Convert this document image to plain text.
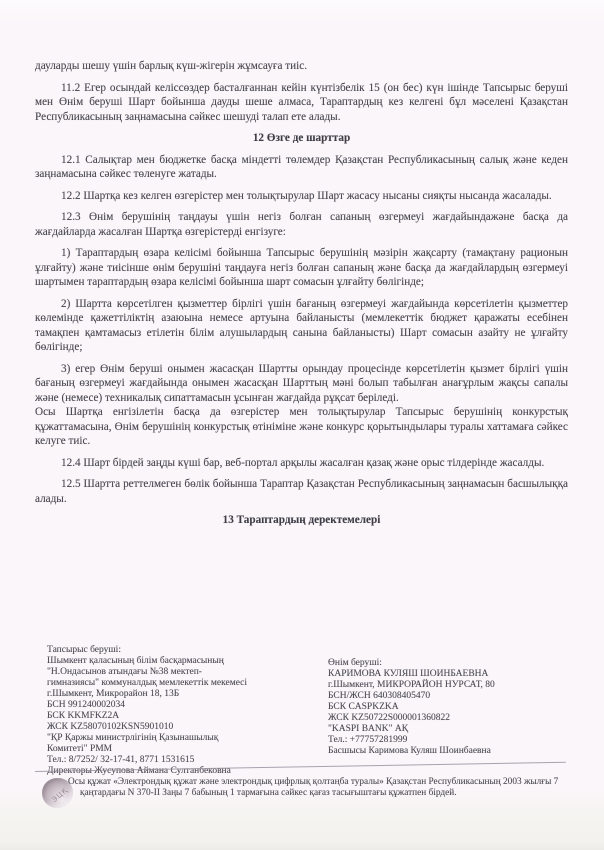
дауларды шешу үшін барлық күш-жігерін жұмсауға тиіс.

11.2 Егер осындай келіссөздер басталғаннан кейін күнтізбелік 15 (он бес) күн ішінде Тапсырыс беруші мен Өнім беруші Шарт бойынша дауды шеше алмаса, Тараптардың кез келгені бұл мәселені Қазақстан Республикасының заңнамасына сәйкес шешуді талап ете алады.

12 Өзге де шарттар

12.1 Салықтар мен бюджетке басқа міндетті төлемдер Қазақстан Республикасының салық және кеден заңнамасына сәйкес төленуге жатады.

12.2 Шартқа кез келген өзгерістер мен толықтырулар Шарт жасасу нысаны сияқты нысанда жасалады.

12.3 Өнім берушінің таңдауы үшін негіз болған сапаның өзгермеуі жағдайындажәне басқа да жағдайларда жасалған Шартқа өзгерістерді енгізуге:

1) Тараптардың өзара келісімі бойынша Тапсырыс берушінің мәзірін жақсарту (тамақтану рационын ұлғайту) және тиісінше өнім берушіні таңдауға негіз болған сапаның және басқа да жағдайлардың өзгермеуі шартымен тараптардың өзара келісімі бойынша шарт сомасын ұлғайту бөлігінде;

2) Шартта көрсетілген қызметтер бірлігі үшін бағаның өзгермеуі жағдайында көрсетілетін қызметтер көлемінде қажеттіліктің азаюына немесе артуына байланысты (мемлекеттік бюджет қаражаты есебінен тамақпен қамтамасыз етілетін білім алушылардың санына байланысты) Шарт сомасын азайту не ұлғайту бөлігінде;

3) егер Өнім беруші онымен жасасқан Шартты орындау процесінде көрсетілетін қызмет бірлігі үшін бағаның өзгермеуі жағдайында онымен жасасқан Шарттың мәні болып табылған анағұрлым жақсы сапалы және (немесе) техникалық сипаттамасын ұсынған жағдайда рұқсат беріледі.

Осы Шартқа енгізілетін басқа да өзгерістер мен толықтырулар Тапсырыс берушінің конкурстық құжаттамасына, Өнім берушінің конкурстық өтініміне және конкурс қорытындылары туралы хаттамаға сәйкес келуге тиіс.

12.4 Шарт бірдей заңды күші бар, веб-портал арқылы жасалған қазақ және орыс тілдерінде жасалды.

12.5 Шартта реттелмеген бөлік бойынша Тараптар Қазақстан Республикасының заңнамасын басшылыққа алады.

13 Тараптардың деректемелері

Тапсырыс беруші:
Шымкент қаласының білім басқармасының
"Н.Ондасынов атындағы №38 мектеп-
гимназиясы" коммуналдық мемлекеттік мекемесі
г.Шымкент, Микрорайон 18, 13Б
БСН 991240002034
БСК KKMFKZ2A
ЖСК KZ58070102KSN5901010
"ҚР Қаржы министрлігінің Қазынашылық
Комитеті" РММ
Тел.: 8/7252/ 32-17-41, 8771 1531615
Директоры Жусупова Аймана Султанбековна
Өнім беруші:
КАРИМОВА КУЛЯШ ШОИНБАЕВНА
г.Шымкент, МИКРОРАЙОН НУРСАТ, 80
БСН/ЖСН 640308405470
БСК CASPKZKA
ЖСК KZ50722S000001360822
"KASPI BANK" АҚ
Тел.: +77757281999
Басшысы Каримова Куляш Шоинбаевна
ЭЦҚ
Осы құжат «Электрондық құжат және электрондық цифрлық қолтаңба туралы» Қазақстан Республикасының 2003 жылғы 7 қаңтардағы N 370-II Заңы 7 бабының 1 тармағына сәйкес қағаз тасығыштағы құжатпен бірдей.
